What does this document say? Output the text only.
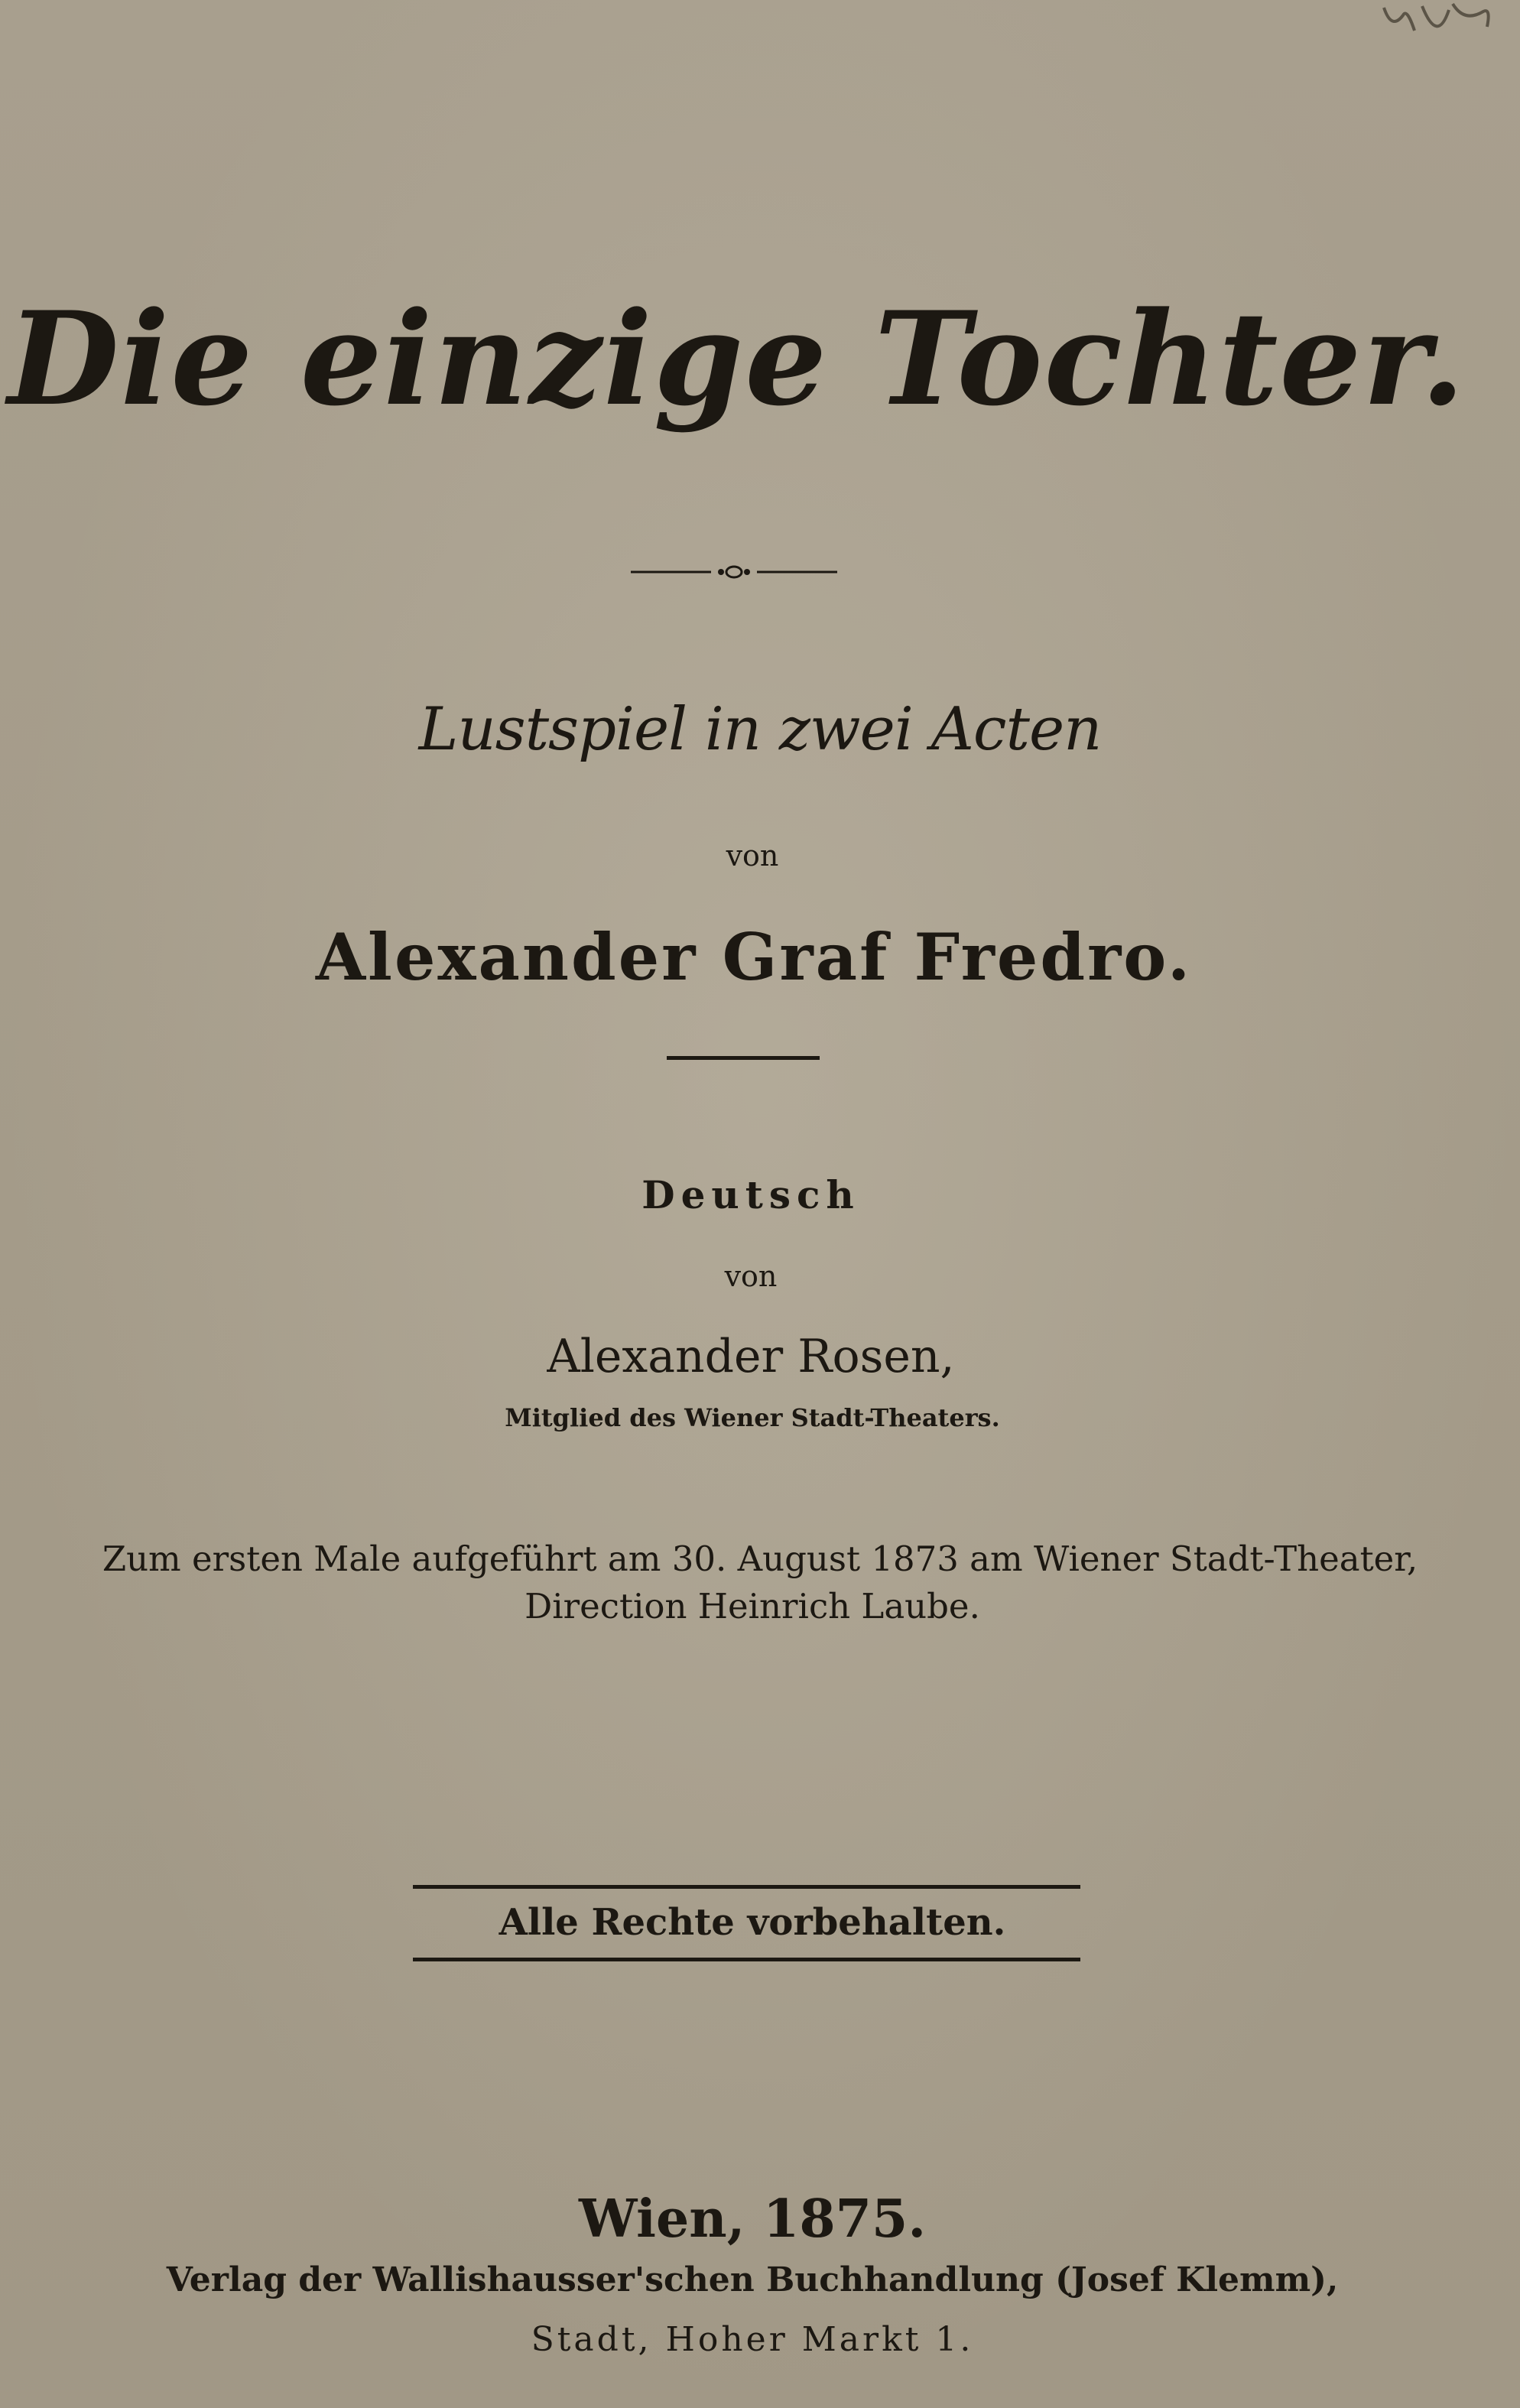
Die einzige Tochter.
Lustspiel in zwei Acten
von
Alexander Graf Fredro.
Deutsch
von
Alexander Rosen,
Mitglied des Wiener Stadt-Theaters.
Zum ersten Male aufgeführt am 30. August 1873 am Wiener Stadt-Theater,
Direction Heinrich Laube.
Alle Rechte vorbehalten.
Wien, 1875.
Verlag der Wallishausser'schen Buchhandlung (Josef Klemm),
Stadt, Hoher Markt 1.
